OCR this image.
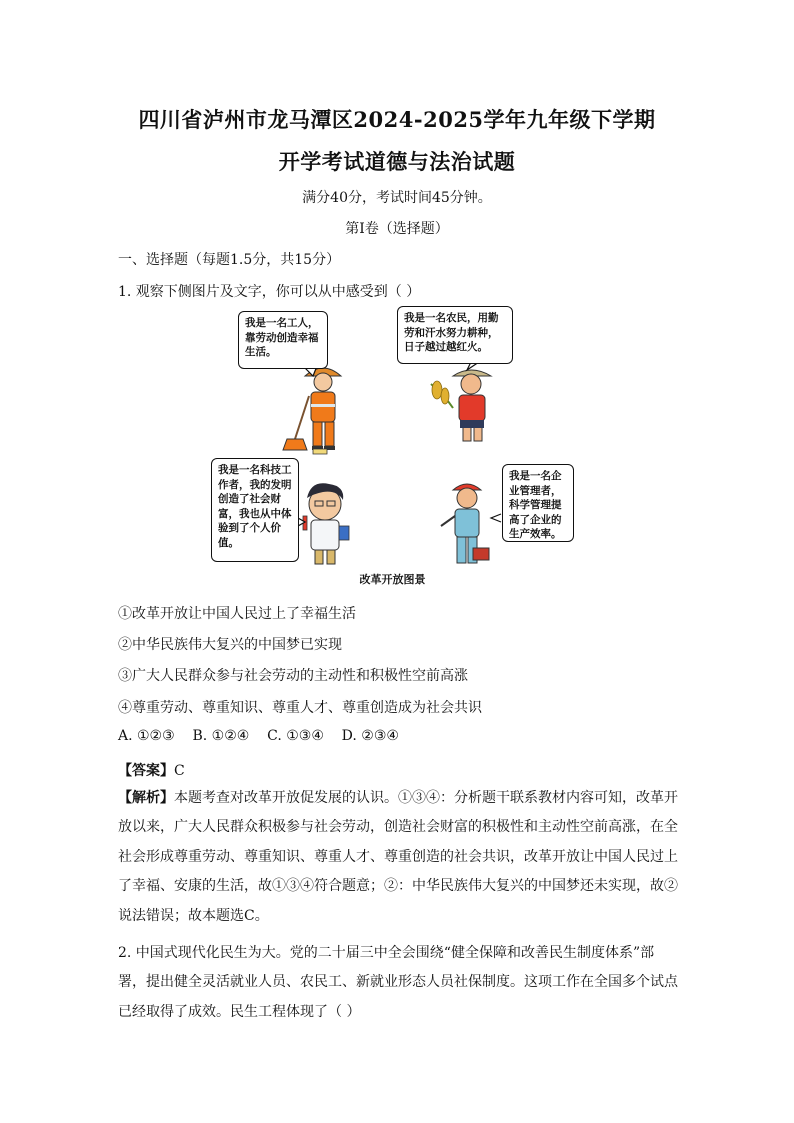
四川省泸州市龙马潭区2024-2025学年九年级下学期
开学考试道德与法治试题
满分40分，考试时间45分钟。
第Ⅰ卷（选择题）
一、选择题（每题1.5分，共15分）
1. 观察下侧图片及文字，你可以从中感受到（ ）
我是一名工人，靠劳动创造幸福生活。
我是一名农民，用勤劳和汗水努力耕种，日子越过越红火。
我是一名科技工作者，我的发明创造了社会财富，我也从中体验到了个人价值。
我是一名企业管理者，科学管理提高了企业的生产效率。
改革开放图景
①改革开放让中国人民过上了幸福生活
②中华民族伟大复兴的中国梦已实现
③广大人民群众参与社会劳动的主动性和积极性空前高涨
④尊重劳动、尊重知识、尊重人才、尊重创造成为社会共识
A. ①②③    B. ①②④    C. ①③④    D. ②③④
【答案】C
【解析】本题考查对改革开放促发展的认识。①③④：分析题干联系教材内容可知，改革开放以来，广大人民群众积极参与社会劳动，创造社会财富的积极性和主动性空前高涨，在全社会形成尊重劳动、尊重知识、尊重人才、尊重创造的社会共识，改革开放让中国人民过上了幸福、安康的生活，故①③④符合题意；②：中华民族伟大复兴的中国梦还未实现，故②说法错误；故本题选C。
2. 中国式现代化民生为大。党的二十届三中全会围绕“健全保障和改善民生制度体系”部署，提出健全灵活就业人员、农民工、新就业形态人员社保制度。这项工作在全国多个试点已经取得了成效。民生工程体现了（ ）
